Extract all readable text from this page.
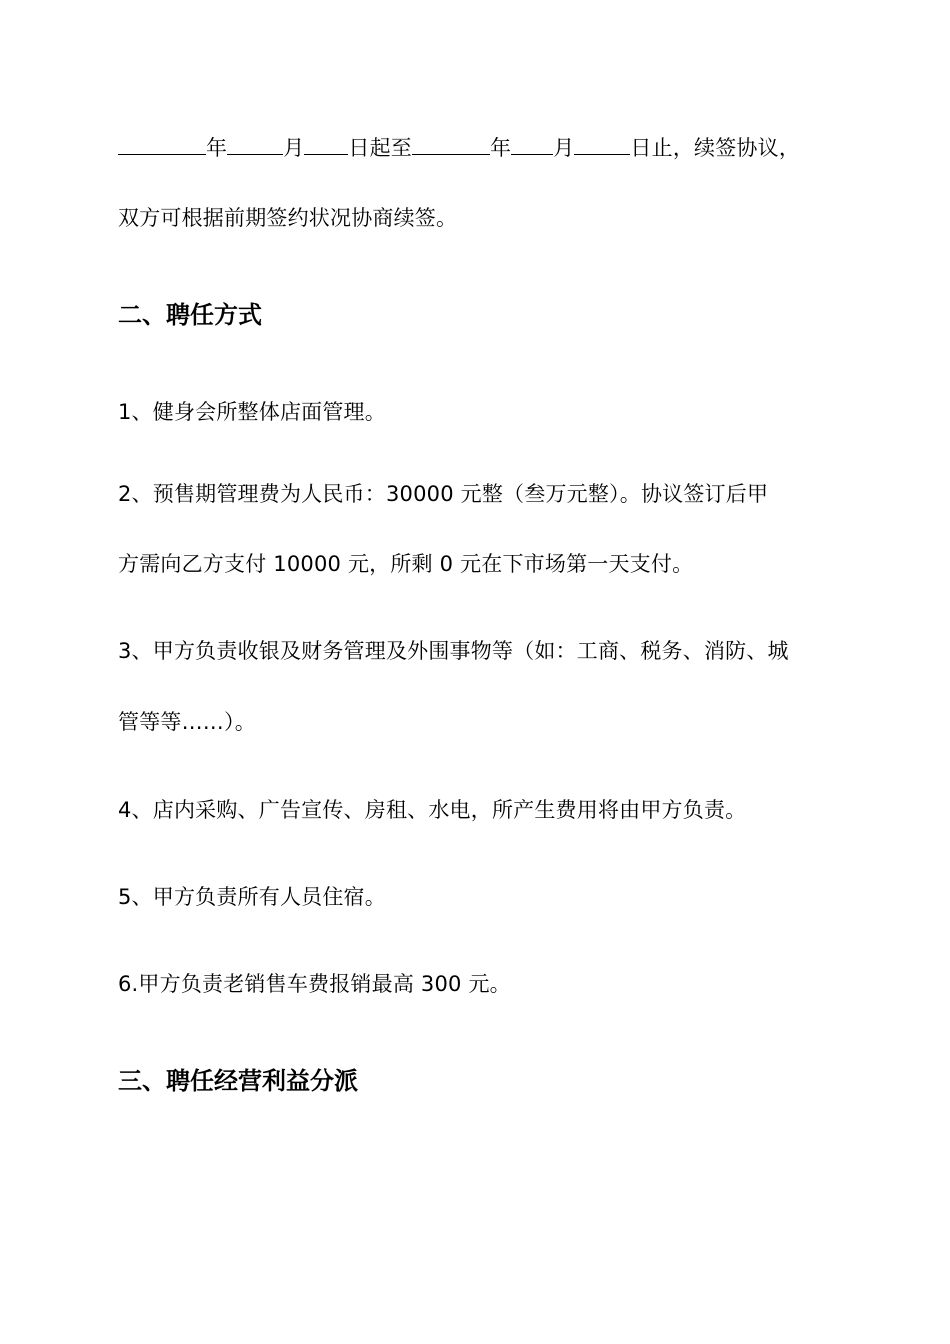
年	月 日起至	年 月	日止，续签协议，
双方可根据前期签约状况协商续签。
二、聘任方式
1、健身会所整体店面管理。
2、预售期管理费为人民币：30000 元整（叁万元整）。协议签订后甲
方需向乙方支付 10000 元，所剩 0 元在下市场第一天支付。
3、甲方负责收银及财务管理及外围事物等（如：工商、税务、消防、城
管等等……）。
4、店内采购、广告宣传、房租、水电，所产生费用将由甲方负责。
5、甲方负责所有人员住宿。
6.甲方负责老销售车费报销最高 300 元。
三、聘任经营利益分派
